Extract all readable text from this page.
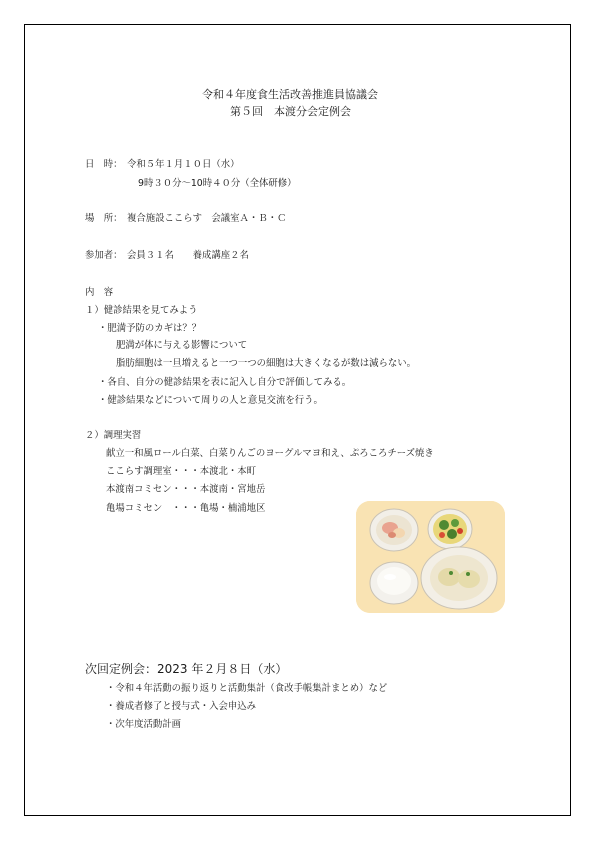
令和４年度食生活改善推進員協議会
第５回　本渡分会定例会
日　時： 令和５年１月１０日（水）
9時３０分～10時４０分（全体研修）
場　所： 複合施設ここらす　会議室Ａ・Ｂ・Ｃ
参加者： 会員３１名　　養成講座２名
内　容
１）健診結果を見てみよう
・肥満予防のカギは？？
肥満が体に与える影響について
脂肪細胞は一旦増えると一つ一つの細胞は大きくなるが数は減らない。
・各自、自分の健診結果を表に記入し自分で評価してみる。
・健診結果などについて周りの人と意見交流を行う。
２）調理実習
献立一和風ロール白菜、白菜りんごのヨーグルマヨ和え、ぷろころチーズ焼き
ここらす調理室・・・本渡北・本町
本渡南コミセン・・・本渡南・宮地岳
亀場コミセン　・・・亀場・楠浦地区
次回定例会：2023 年２月８日（水）
・令和４年活動の振り返りと活動集計（食改手帳集計まとめ）など
・養成者修了と授与式・入会申込み
・次年度活動計画
